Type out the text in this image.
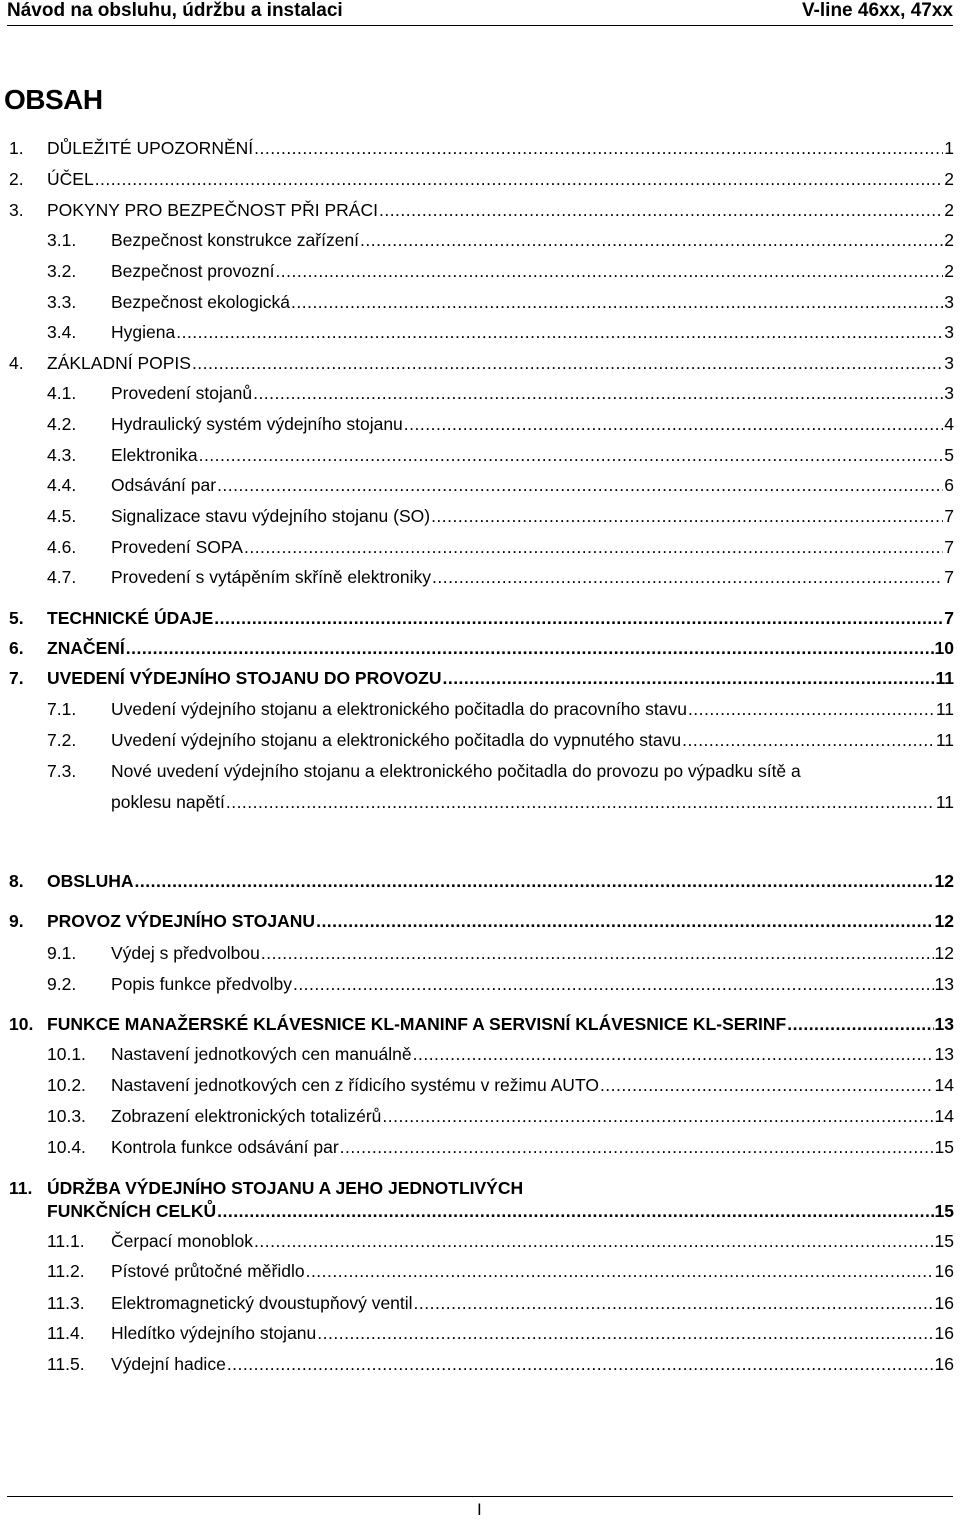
Návod na obsluhu, údržbu a instalaci	V-line 46xx, 47xx
OBSAH
1. DŮLEŽITÉ UPOZORNĚNÍ .....	1
2. ÚČEL .....	2
3. POKYNY PRO BEZPEČNOST PŘI PRÁCI .....	2
3.1. Bezpečnost konstrukce zařízení .....	2
3.2. Bezpečnost provozní .....	2
3.3. Bezpečnost ekologická .....	3
3.4. Hygiena .....	3
4. ZÁKLADNÍ POPIS .....	3
4.1. Provedení stojanů .....	3
4.2. Hydraulický systém výdejního stojanu .....	4
4.3. Elektronika .....	5
4.4. Odsávání par .....	6
4.5. Signalizace stavu výdejního stojanu (SO) .....	7
4.6. Provedení SOPA .....	7
4.7. Provedení s vytápěním skříně elektroniky .....	7
5. TECHNICKÉ ÚDAJE .....	7
6. ZNAČENÍ .....	10
7. UVEDENÍ VÝDEJNÍHO STOJANU DO PROVOZU .....	11
7.1. Uvedení výdejního stojanu a elektronického počitadla do pracovního stavu .....	11
7.2. Uvedení výdejního stojanu a elektronického počitadla do vypnutého stavu .....	11
7.3. Nové uvedení výdejního stojanu a elektronického počitadla do provozu po výpadku sítě a
poklesu napětí .....	11
8. OBSLUHA .....	12
9. PROVOZ VÝDEJNÍHO STOJANU .....	12
9.1. Výdej s předvolbou .....	12
9.2. Popis funkce předvolby .....	13
10. FUNKCE MANAŽERSKÉ KLÁVESNICE KL-MANINF A SERVISNÍ KLÁVESNICE KL-SERINF .....	13
10.1. Nastavení jednotkových cen manuálně .....	13
10.2. Nastavení jednotkových cen z řídicího systému v režimu AUTO .....	14
10.3. Zobrazení elektronických totalizérů .....	14
10.4. Kontrola funkce odsávání par .....	15
11. ÚDRŽBA VÝDEJNÍHO STOJANU A JEHO JEDNOTLIVÝCH
FUNKČNÍCH CELKŮ .....	15
11.1. Čerpací monoblok .....	15
11.2. Pístové průtočné měřidlo .....	16
11.3. Elektromagnetický dvoustupňový ventil .....	16
11.4. Hledítko výdejního stojanu .....	16
11.5. Výdejní hadice .....	16
I
